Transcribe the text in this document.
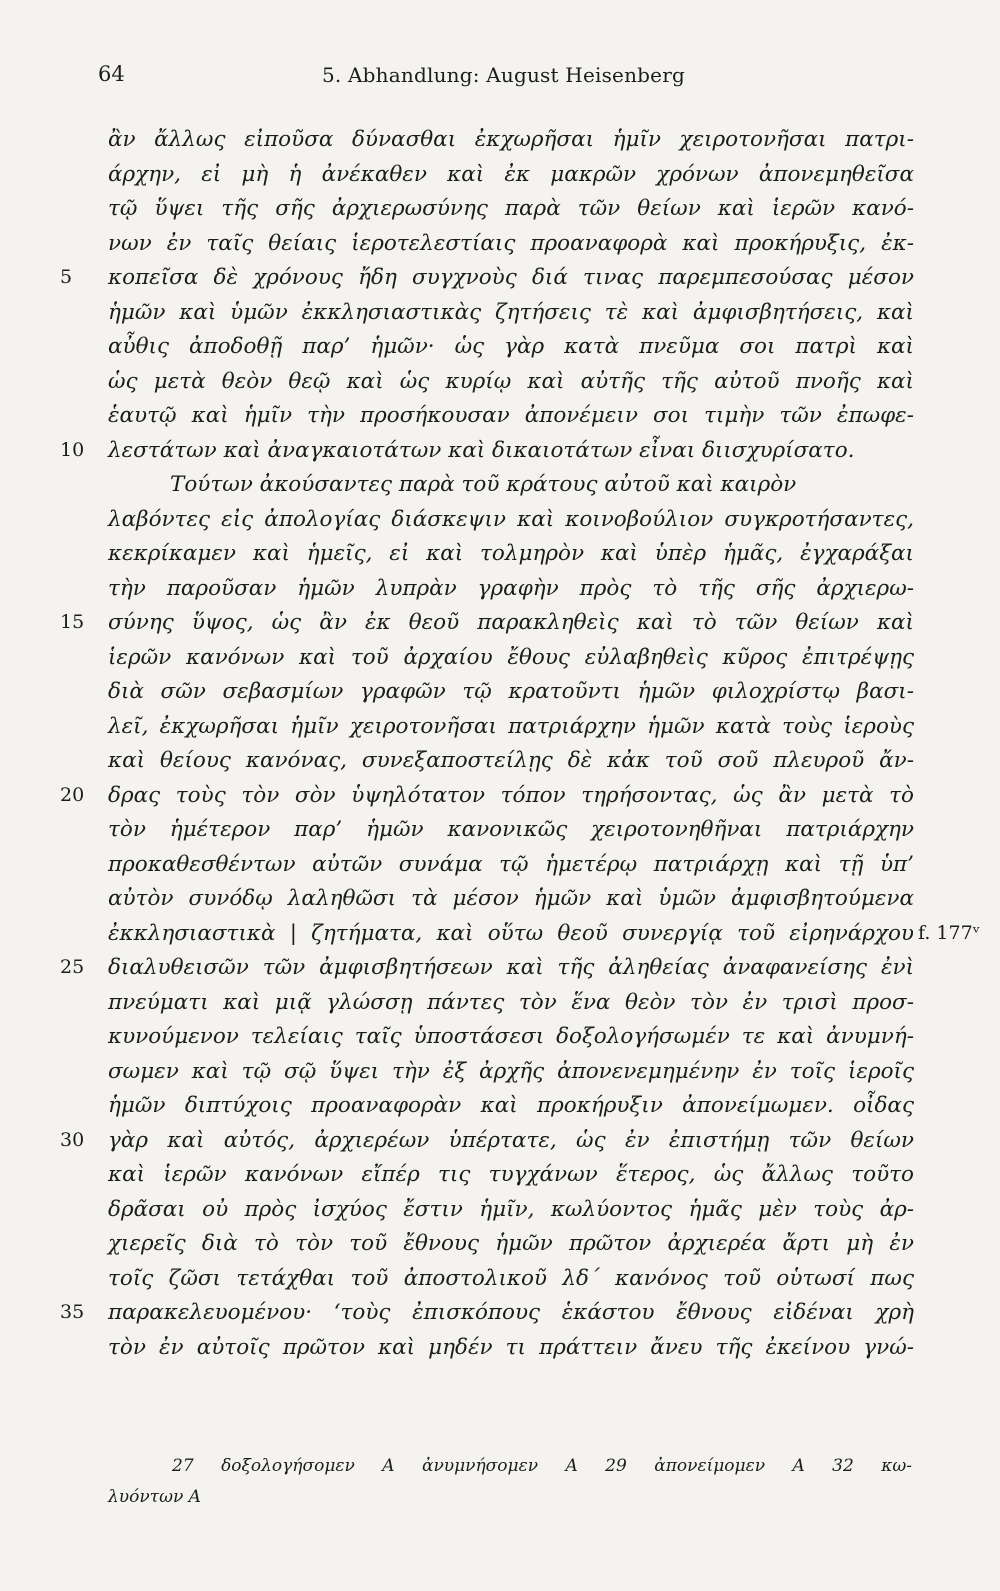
64	5. Abhandlung: August Heisenberg
ἂν ἄλλως εἰποῦσα δύνασθαι ἐκχωρῆσαι ἡμῖν χειροτονῆσαι πατρι-
άρχην, εἰ μὴ ἡ ἀνέκαθεν καὶ ἐκ μακρῶν χρόνων ἀπονεμηθεῖσα
τῷ ὕψει τῆς σῆς ἀρχιερωσύνης παρὰ τῶν θείων καὶ ἱερῶν κανό-
νων ἐν ταῖς θείαις ἱεροτελεστίαις προαναφορὰ καὶ προκήρυξις, ἐκ-
5	κοπεῖσα δὲ χρόνους ἤδη συγχνοὺς διά τινας παρεμπεσούσας μέσον
ἡμῶν καὶ ὑμῶν ἐκκλησιαστικὰς ζητήσεις τὲ καὶ ἀμφισβητήσεις, καὶ
αὖθις ἀποδοθῇ παρ’ ἡμῶν· ὡς γὰρ κατὰ πνεῦμα σοι πατρὶ καὶ
ὡς μετὰ θεὸν θεῷ καὶ ὡς κυρίῳ καὶ αὐτῆς τῆς αὐτοῦ πνοῆς καὶ
ἑαυτῷ καὶ ἡμῖν τὴν προσήκουσαν ἀπονέμειν σοι τιμὴν τῶν ἐπωφε-
10	λεστάτων καὶ ἀναγκαιοτάτων καὶ δικαιοτάτων εἶναι διισχυρίσατο.
Τούτων ἀκούσαντες παρὰ τοῦ κράτους αὐτοῦ καὶ καιρὸν
λαβόντες εἰς ἀπολογίας διάσκεψιν καὶ κοινοβούλιον συγκροτήσαντες,
κεκρίκαμεν καὶ ἡμεῖς, εἰ καὶ τολμηρὸν καὶ ὑπὲρ ἡμᾶς, ἐγχαράξαι
τὴν παροῦσαν ἡμῶν λυπρὰν γραφὴν πρὸς τὸ τῆς σῆς ἀρχιερω-
15	σύνης ὕψος, ὡς ἂν ἐκ θεοῦ παρακληθεὶς καὶ τὸ τῶν θείων καὶ
ἱερῶν κανόνων καὶ τοῦ ἀρχαίου ἔθους εὐλαβηθεὶς κῦρος ἐπιτρέψῃς
διὰ σῶν σεβασμίων γραφῶν τῷ κρατοῦντι ἡμῶν φιλοχρίστῳ βασι-
λεῖ, ἐκχωρῆσαι ἡμῖν χειροτονῆσαι πατριάρχην ἡμῶν κατὰ τοὺς ἱεροὺς
καὶ θείους κανόνας, συνεξαποστείλῃς δὲ κἀκ τοῦ σοῦ πλευροῦ ἄν-
20	δρας τοὺς τὸν σὸν ὑψηλότατον τόπον τηρήσοντας, ὡς ἂν μετὰ τὸ
τὸν ἡμέτερον παρ’ ἡμῶν κανονικῶς χειροτονηθῆναι πατριάρχην
προκαθεσθέντων αὐτῶν συνάμα τῷ ἡμετέρῳ πατριάρχῃ καὶ τῇ ὑπ’
αὐτὸν συνόδῳ λαληθῶσι τὰ μέσον ἡμῶν καὶ ὑμῶν ἀμφισβητούμενα
ἐκκλησιαστικὰ | ζητήματα, καὶ οὕτω θεοῦ συνεργίᾳ τοῦ εἰρηνάρχου f. 177ᵛ
25	διαλυθεισῶν τῶν ἀμφισβητήσεων καὶ τῆς ἀληθείας ἀναφανείσης ἐνὶ
πνεύματι καὶ μιᾷ γλώσσῃ πάντες τὸν ἕνα θεὸν τὸν ἐν τρισὶ προσ-
κυνούμενον τελείαις ταῖς ὑποστάσεσι δοξολογήσωμέν τε καὶ ἀνυμνή-
σωμεν καὶ τῷ σῷ ὕψει τὴν ἐξ ἀρχῆς ἀπονενεμημένην ἐν τοῖς ἱεροῖς
ἡμῶν διπτύχοις προαναφορὰν καὶ προκήρυξιν ἀπονείμωμεν. οἶδας
30	γὰρ καὶ αὐτός, ἀρχιερέων ὑπέρτατε, ὡς ἐν ἐπιστήμῃ τῶν θείων
καὶ ἱερῶν κανόνων εἴπέρ τις τυγχάνων ἕτερος, ὡς ἄλλως τοῦτο
δρᾶσαι οὐ πρὸς ἰσχύος ἔστιν ἡμῖν, κωλύοντος ἡμᾶς μὲν τοὺς ἀρ-
χιερεῖς διὰ τὸ τὸν τοῦ ἔθνους ἡμῶν πρῶτον ἀρχιερέα ἄρτι μὴ ἐν
τοῖς ζῶσι τετάχθαι τοῦ ἀποστολικοῦ λδ΄ κανόνος τοῦ οὑτωσί πως
35	παρακελευομένου· ‘τοὺς ἐπισκόπους ἑκάστου ἔθνους εἰδέναι χρὴ
τὸν ἐν αὐτοῖς πρῶτον καὶ μηδέν τι πράττειν ἄνευ τῆς ἐκείνου γνώ-
27 δοξολογήσομεν A ἀνυμνήσομεν A 29 ἀπονείμομεν A 32 κω-
λυόντων A
